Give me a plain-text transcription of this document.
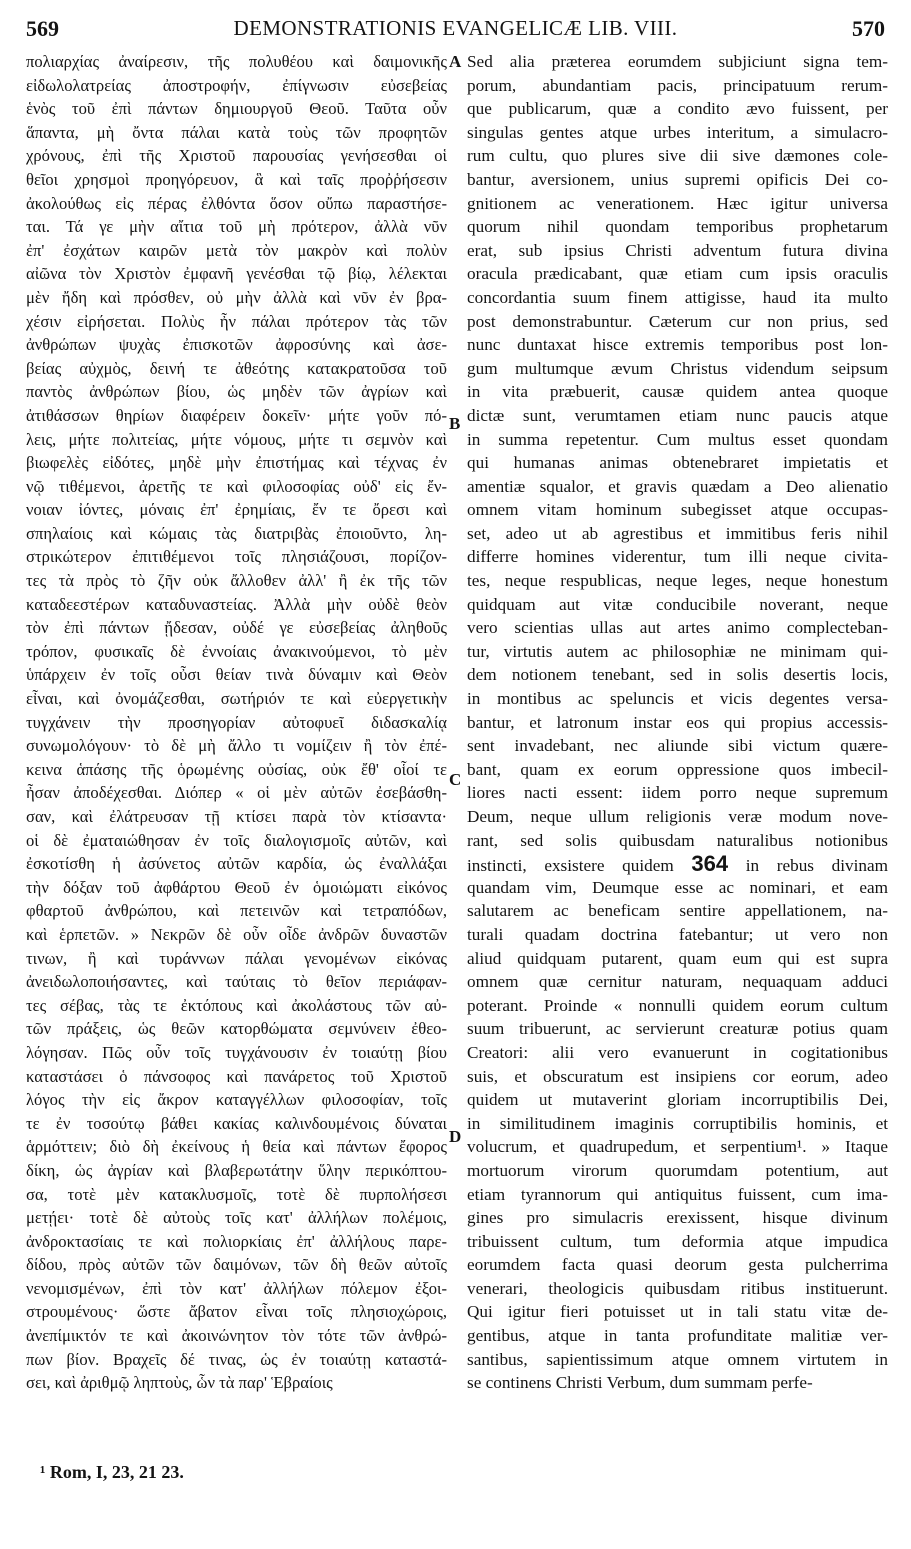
569	DEMONSTRATIONIS EVANGELICÆ LIB. VIII.	570
πολιαρχίας ἀναίρεσιν, τῆς πολυθέου καὶ δαιμονικῆς
εἰδωλολατρείας ἀποστροφήν, ἐπίγνωσιν εὐσεβείας
ἑνὸς τοῦ ἐπὶ πάντων δημιουργοῦ Θεοῦ. Ταῦτα οὖν
ἅπαντα, μὴ ὄντα πάλαι κατὰ τοὺς τῶν προφητῶν
χρόνους, ἐπὶ τῆς Χριστοῦ παρουσίας γενήσεσθαι οἱ
θεῖοι χρησμοὶ προηγόρευον, ἃ καὶ ταῖς προῤῥήσεσιν
ἀκολούθως εἰς πέρας ἐλθόντα ὅσον οὔπω παραστήσε-
ται. Τά γε μὴν αἴτια τοῦ μὴ πρότερον, ἀλλὰ νῦν
ἐπ' ἐσχάτων καιρῶν μετὰ τὸν μακρὸν καὶ πολὺν
αἰῶνα τὸν Χριστὸν ἐμφανῆ γενέσθαι τῷ βίῳ, λέλεκται
μὲν ἤδη καὶ πρόσθεν, οὐ μὴν ἀλλὰ καὶ νῦν ἐν βρα-
χέσιν εἰρήσεται. Πολὺς ἦν πάλαι πρότερον τὰς τῶν
ἀνθρώπων ψυχὰς ἐπισκοτῶν ἀφροσύνης καὶ ἀσε-
βείας αὐχμὸς, δεινή τε ἀθεότης κατακρατοῦσα τοῦ
παντὸς ἀνθρώπων βίου, ὡς μηδὲν τῶν ἀγρίων καὶ
ἀτιθάσσων θηρίων διαφέρειν δοκεῖν· μήτε γοῦν πό-
λεις, μήτε πολιτείας, μήτε νόμους, μήτε τι σεμνὸν καὶ
βιωφελὲς εἰδότες, μηδὲ μὴν ἐπιστήμας καὶ τέχνας ἐν
νῷ τιθέμενοι, ἀρετῆς τε καὶ φιλοσοφίας οὐδ' εἰς ἔν-
νοιαν ἰόντες, μόναις ἐπ' ἐρημίαις, ἔν τε ὄρεσι καὶ
σπηλαίοις καὶ κώμαις τὰς διατριβὰς ἐποιοῦντο, λη-
στρικώτερον ἐπιτιθέμενοι τοῖς πλησιάζουσι, πορίζον-
τες τὰ πρὸς τὸ ζῆν οὐκ ἄλλοθεν ἀλλ' ἢ ἐκ τῆς τῶν
καταδεεστέρων καταδυναστείας. Ἀλλὰ μὴν οὐδὲ θεὸν
τὸν ἐπὶ πάντων ᾔδεσαν, οὐδέ γε εὐσεβείας ἀληθοῦς
τρόπον, φυσικαῖς δὲ ἐννοίαις ἀνακινούμενοι, τὸ μὲν
ὑπάρχειν ἐν τοῖς οὖσι θείαν τινὰ δύναμιν καὶ Θεὸν
εἶναι, καὶ ὀνομάζεσθαι, σωτήριόν τε καὶ εὐεργετικὴν
τυγχάνειν τὴν προσηγορίαν αὐτοφυεῖ διδασκαλίᾳ
συνωμολόγουν· τὸ δὲ μὴ ἄλλο τι νομίζειν ἢ τὸν ἐπέ-
κεινα ἁπάσης τῆς ὁρωμένης οὐσίας, οὐκ ἔθ' οἷοί τε
ἦσαν ἀποδέχεσθαι. Διόπερ « οἱ μὲν αὐτῶν ἐσεβάσθη-
σαν, καὶ ἐλάτρευσαν τῇ κτίσει παρὰ τὸν κτίσαντα·
οἱ δὲ ἐματαιώθησαν ἐν τοῖς διαλογισμοῖς αὐτῶν, καὶ
ἐσκοτίσθη ἡ ἀσύνετος αὐτῶν καρδία, ὡς ἐναλλάξαι
τὴν δόξαν τοῦ ἀφθάρτου Θεοῦ ἐν ὁμοιώματι εἰκόνος
φθαρτοῦ ἀνθρώπου, καὶ πετεινῶν καὶ τετραπόδων,
καὶ ἑρπετῶν. » Νεκρῶν δὲ οὖν οἶδε ἀνδρῶν δυναστῶν
τινων, ἢ καὶ τυράννων πάλαι γενομένων εἰκόνας
ἀνειδωλοποιήσαντες, καὶ ταύταις τὸ θεῖον περιάφαν-
τες σέβας, τὰς τε ἐκτόπους καὶ ἀκολάστους τῶν αὐ-
τῶν πράξεις, ὡς θεῶν κατορθώματα σεμνύνειν ἐθεο-
λόγησαν. Πῶς οὖν τοῖς τυγχάνουσιν ἐν τοιαύτῃ βίου
καταστάσει ὁ πάνσοφος καὶ πανάρετος τοῦ Χριστοῦ
λόγος τὴν εἰς ἄκρον καταγγέλλων φιλοσοφίαν, τοῖς
τε ἐν τοσούτῳ βάθει κακίας καλινδουμένοις δύναται
ἁρμόττειν; διὸ δὴ ἐκείνους ἡ θεία καὶ πάντων ἔφορος
δίκη, ὡς ἀγρίαν καὶ βλαβερωτάτην ὕλην περικόπτου-
σα, τοτὲ μὲν κατακλυσμοῖς, τοτὲ δὲ πυρπολήσεσι
μετῄει· τοτὲ δὲ αὐτοὺς τοῖς κατ' ἀλλήλων πολέμοις,
ἀνδροκτασίαις τε καὶ πολιορκίαις ἐπ' ἀλλήλους παρε-
δίδου, πρὸς αὐτῶν τῶν δαιμόνων, τῶν δὴ θεῶν αὐτοῖς
νενομισμένων, ἐπὶ τὸν κατ' ἀλλήλων πόλεμον ἐξοι-
στρουμένους· ὥστε ἄβατον εἶναι τοῖς πλησιοχώροις,
ἀνεπίμικτόν τε καὶ ἀκοινώνητον τὸν τότε τῶν ἀνθρώ-
πων βίον. Βραχεῖς δέ τινας, ὡς ἐν τοιαύτῃ καταστά-
σει, καὶ ἀριθμῷ ληπτοὺς, ὧν τὰ παρ' Ἑβραίοις
A
B
C
D
Sed alia præterea eorumdem subjiciunt signa tem-
porum, abundantiam pacis, principatuum rerum-
que publicarum, quæ a condito ævo fuissent, per
singulas gentes atque urbes interitum, a simulacro-
rum cultu, quo plures sive dii sive dæmones cole-
bantur, aversionem, unius supremi opificis Dei co-
gnitionem ac venerationem. Hæc igitur universa
quorum nihil quondam temporibus prophetarum
erat, sub ipsius Christi adventum futura divina
oracula prædicabant, quæ etiam cum ipsis oraculis
concordantia suum finem attigisse, haud ita multo
post demonstrabuntur. Cæterum cur non prius, sed
nunc duntaxat hisce extremis temporibus post lon-
gum multumque ævum Christus videndum seipsum
in vita præbuerit, causæ quidem antea quoque
dictæ sunt, verumtamen etiam nunc paucis atque
in summa repetentur. Cum multus esset quondam
qui humanas animas obtenebraret impietatis et
amentiæ squalor, et gravis quædam a Deo alienatio
omnem vitam hominum subegisset atque occupas-
set, adeo ut ab agrestibus et immitibus feris nihil
differre homines viderentur, tum illi neque civita-
tes, neque respublicas, neque leges, neque honestum
quidquam aut vitæ conducibile noverant, neque
vero scientias ullas aut artes animo complecteban-
tur, virtutis autem ac philosophiæ ne minimam qui-
dem notionem tenebant, sed in solis desertis locis,
in montibus ac speluncis et vicis degentes versa-
bantur, et latronum instar eos qui propius accessis-
sent invadebant, nec aliunde sibi victum quære-
bant, quam ex eorum oppressione quos imbecil-
liores nacti essent: iidem porro neque supremum
Deum, neque ullum religionis veræ modum nove-
rant, sed solis quibusdam naturalibus notionibus
instincti, exsistere quidem 364 in rebus divinam
quandam vim, Deumque esse ac nominari, et eam
salutarem ac beneficam sentire appellationem, na-
turali quadam doctrina fatebantur; ut vero non
aliud quidquam putarent, quam eum qui est supra
omnem quæ cernitur naturam, nequaquam adduci
poterant. Proinde « nonnulli quidem eorum cultum
suum tribuerunt, ac servierunt creaturæ potius quam
Creatori: alii vero evanuerunt in cogitationibus
suis, et obscuratum est insipiens cor eorum, adeo
quidem ut mutaverint gloriam incorruptibilis Dei,
in similitudinem imaginis corruptibilis hominis, et
volucrum, et quadrupedum, et serpentium¹. » Itaque
mortuorum virorum quorumdam potentium, aut
etiam tyrannorum qui antiquitus fuissent, cum ima-
gines pro simulacris erexissent, hisque divinum
tribuissent cultum, tum deformia atque impudica
eorumdem facta quasi deorum gesta pulcherrima
venerari, theologicis quibusdam ritibus instituerunt.
Qui igitur fieri potuisset ut in tali statu vitæ de-
gentibus, atque in tanta profunditate malitiæ ver-
santibus, sapientissimum atque omnem virtutem in
se continens Christi Verbum, dum summam perfe-
¹ Rom, I, 23, 21 23.
